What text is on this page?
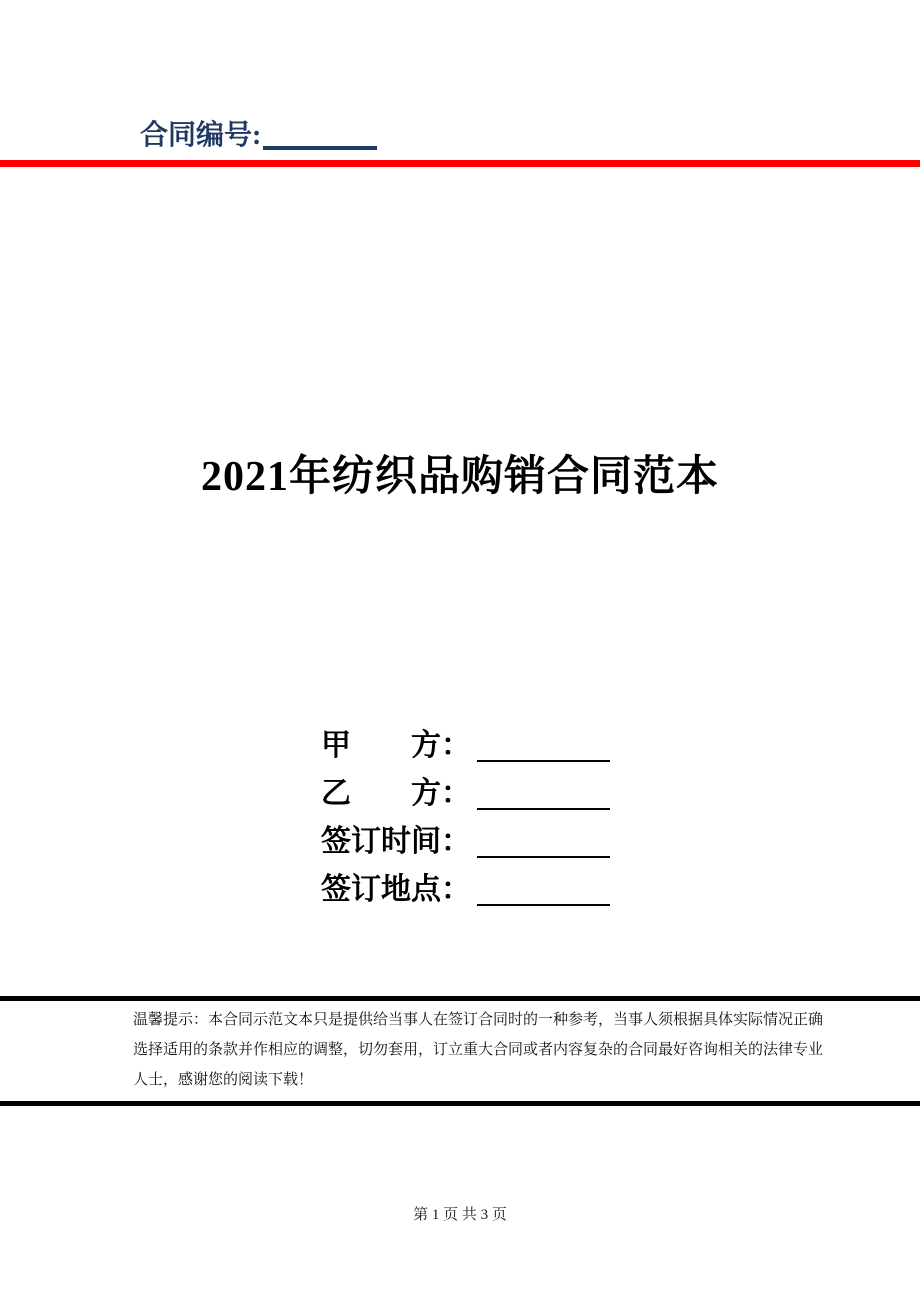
合同编号:
2021年纺织品购销合同范本
甲　　方：
乙　　方：
签订时间：
签订地点：

温馨提示：本合同示范文本只是提供给当事人在签订合同时的一种参考，当事人须根据具体实际情况正确

选择适用的条款并作相应的调整，切勿套用，订立重大合同或者内容复杂的合同最好咨询相关的法律专业

人士，感谢您的阅读下载！

第 1 页 共 3 页
